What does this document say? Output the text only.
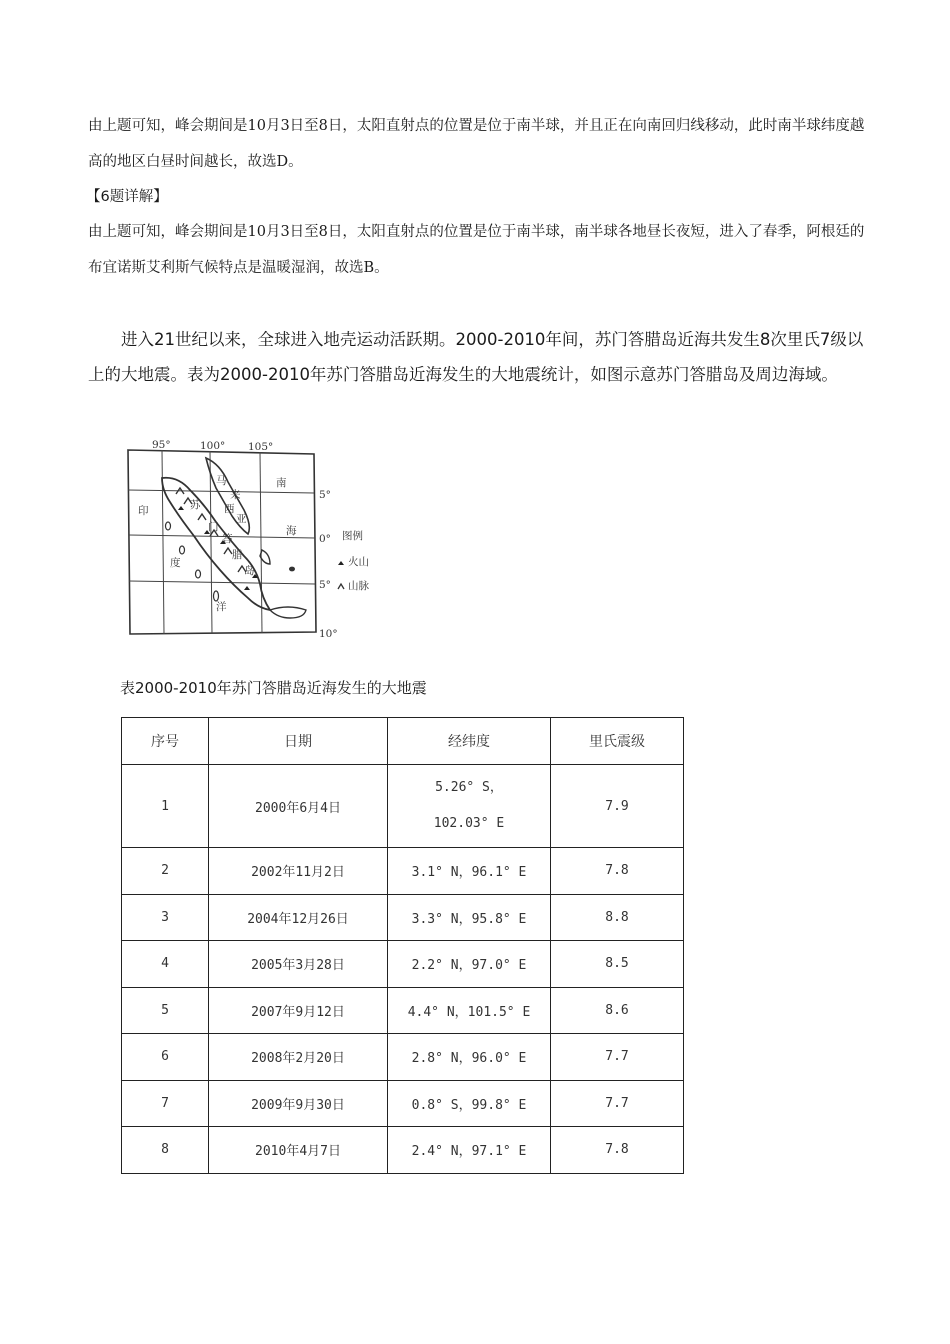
由上题可知，峰会期间是10月3日至8日，太阳直射点的位置是位于南半球，并且正在向南回归线移动，此时南半球纬度越高的地区白昼时间越长，故选D。
【6题详解】
由上题可知，峰会期间是10月3日至8日，太阳直射点的位置是位于南半球，南半球各地昼长夜短，进入了春季，阿根廷的布宜诺斯艾利斯气候特点是温暖湿润，故选B。
进入21世纪以来，全球进入地壳运动活跃期。2000-2010年间，苏门答腊岛近海共发生8次里氏7级以上的大地震。表为2000-2010年苏门答腊岛近海发生的大地震统计，如图示意苏门答腊岛及周边海域。
95°	100° 105°
5°
0°
5°
10°
印
度
洋
南
海
苏
门
答
腊
岛
马
来
西
亚
图例
火山
山脉
表2000-2010年苏门答腊岛近海发生的大地震
序号	日期	经纬度	里氏震级
1	2000年6月4日	5.26° S，
102.03° E	7.9
2	2002年11月2日	3.1° N，96.1° E	7.8
3	2004年12月26日	3.3° N，95.8° E	8.8
4	2005年3月28日	2.2° N，97.0° E	8.5
5	2007年9月12日	4.4° N，101.5° E	8.6
6	2008年2月20日	2.8° N，96.0° E	7.7
7	2009年9月30日	0.8° S，99.8° E	7.7
8	2010年4月7日	2.4° N，97.1° E	7.8
